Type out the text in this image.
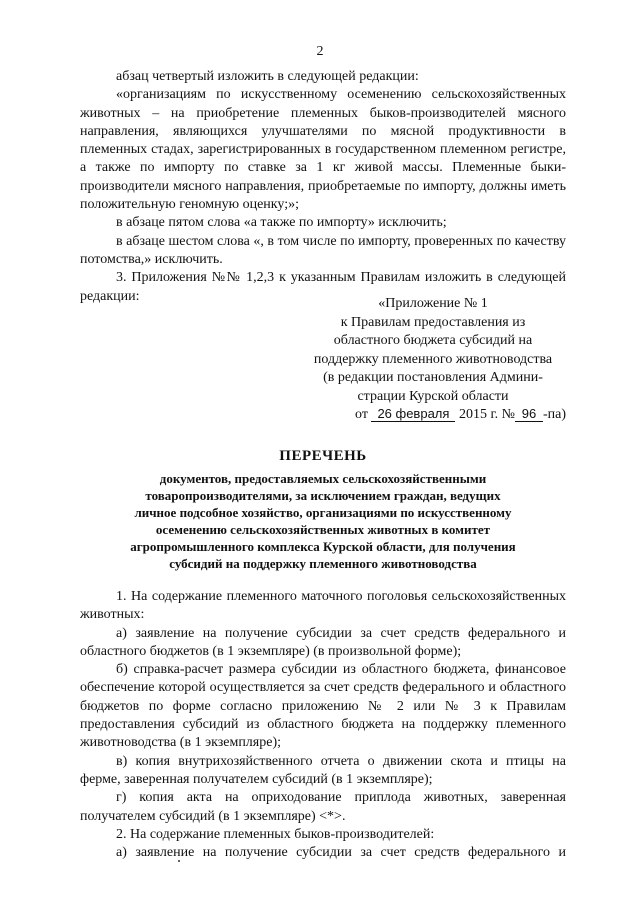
2

абзац четвертый изложить в следующей редакции:

«организациям по искусственному осеменению сельскохозяйственных животных – на приобретение племенных быков-производителей мясного направления, являющихся улучшателями по мясной продуктивности в племенных стадах, зарегистрированных в государственном племенном регистре, а также по импорту по ставке за 1 кг живой массы. Племенные быки-производители мясного направления, приобретаемые по импорту, должны иметь положительную геномную оценку;»;

в абзаце пятом слова «а также по импорту» исключить;

в абзаце шестом слова «, в том числе по импорту, проверенных по качеству потомства,» исключить.

3. Приложения №№ 1,2,3 к указанным Правилам изложить в следующей редакции:	«Приложение № 1
к Правилам предоставления из
областного бюджета субсидий на
поддержку племенного животноводства
(в редакции постановления Админи-
страции Курской области
от 26 февраля 2015 г. № 96 -па)
ПЕРЕЧЕНЬ
документов, предоставляемых сельскохозяйственными
товаропроизводителями, за исключением граждан, ведущих
личное подсобное хозяйство, организациями по искусственному
осеменению сельскохозяйственных животных в комитет
агропромышленного комплекса Курской области, для получения
субсидий на поддержку племенного животноводства

1. На содержание племенного маточного поголовья сельскохозяйственных животных:

а) заявление на получение субсидии за счет средств федерального и областного бюджетов (в 1 экземпляре) (в произвольной форме);

б) справка-расчет размера субсидии из областного бюджета, финансовое обеспечение которой осуществляется за счет средств федерального и областного бюджетов по форме согласно приложению № 2 или № 3 к Правилам предоставления субсидий из областного бюджета на поддержку племенного животноводства (в 1 экземпляре);

в) копия внутрихозяйственного отчета о движении скота и птицы на ферме, заверенная получателем субсидий (в 1 экземпляре);

г) копия акта на оприходование приплода животных, заверенная получателем субсидий (в 1 экземпляре) <*>.

2. На содержание племенных быков-производителей:

а) заявление на получение субсидии за счет средств федерального и
